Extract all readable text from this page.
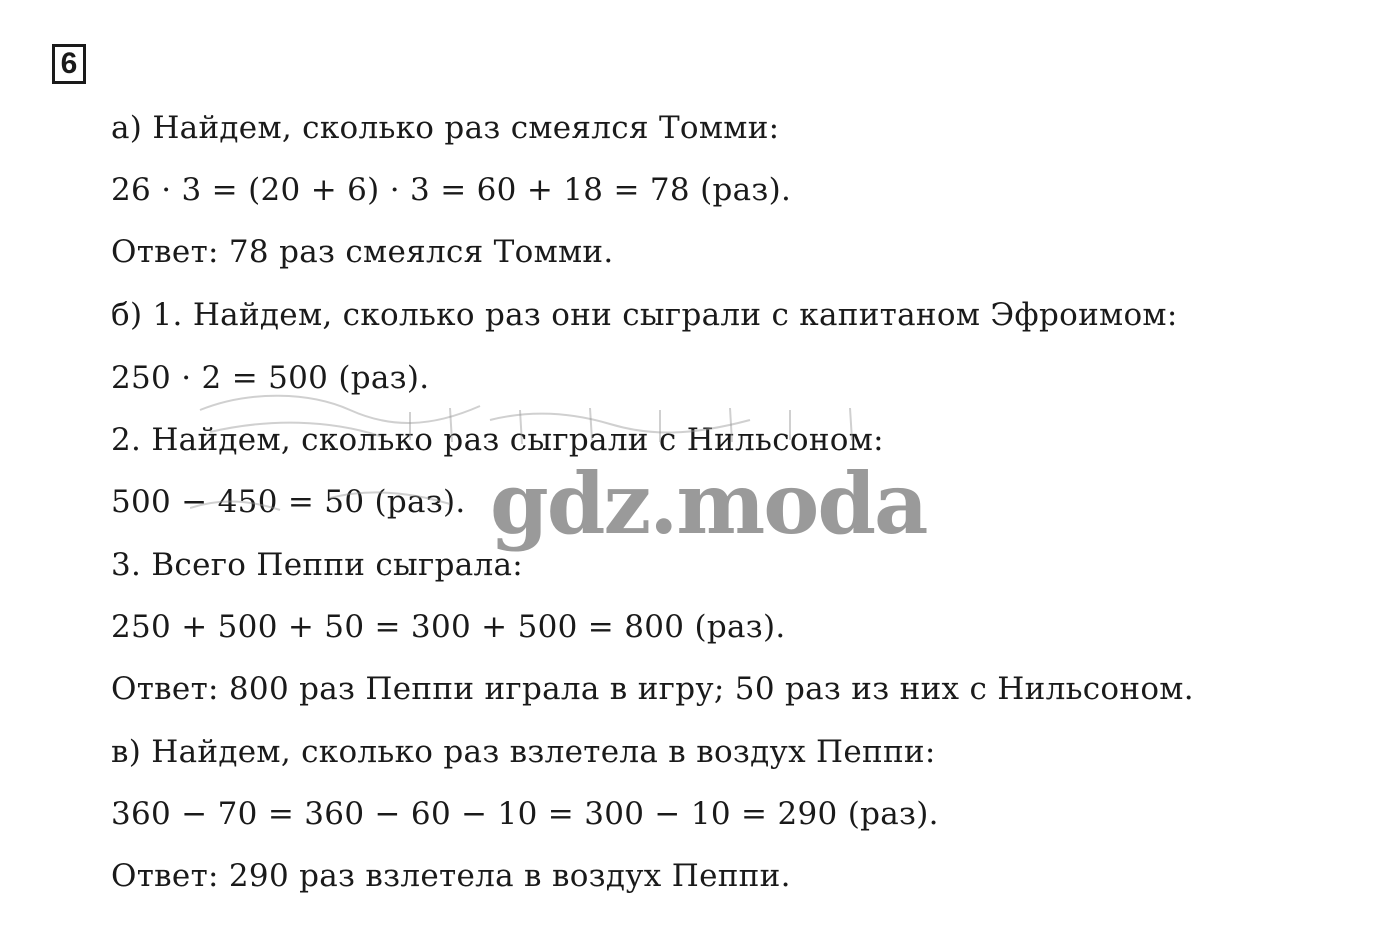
6
а) Найдем, сколько раз смеялся Томми:
26 · 3 = (20 + 6) · 3 = 60 + 18 = 78 (раз).
Ответ: 78 раз смеялся Томми.
б) 1. Найдем, сколько раз они сыграли с капитаном Эфроимом:
250 · 2 = 500 (раз).
2. Найдем, сколько раз сыграли с Нильсоном:
500 − 450 = 50 (раз).
3. Всего Пеппи сыграла:
250 + 500 + 50 = 300 + 500 = 800 (раз).
Ответ: 800 раз Пеппи играла в игру; 50 раз из них с Нильсоном.
в) Найдем, сколько раз взлетела в воздух Пеппи:
360 − 70 = 360 − 60 − 10 = 300 − 10 = 290 (раз).
Ответ: 290 раз взлетела в воздух Пеппи.
gdz.moda
